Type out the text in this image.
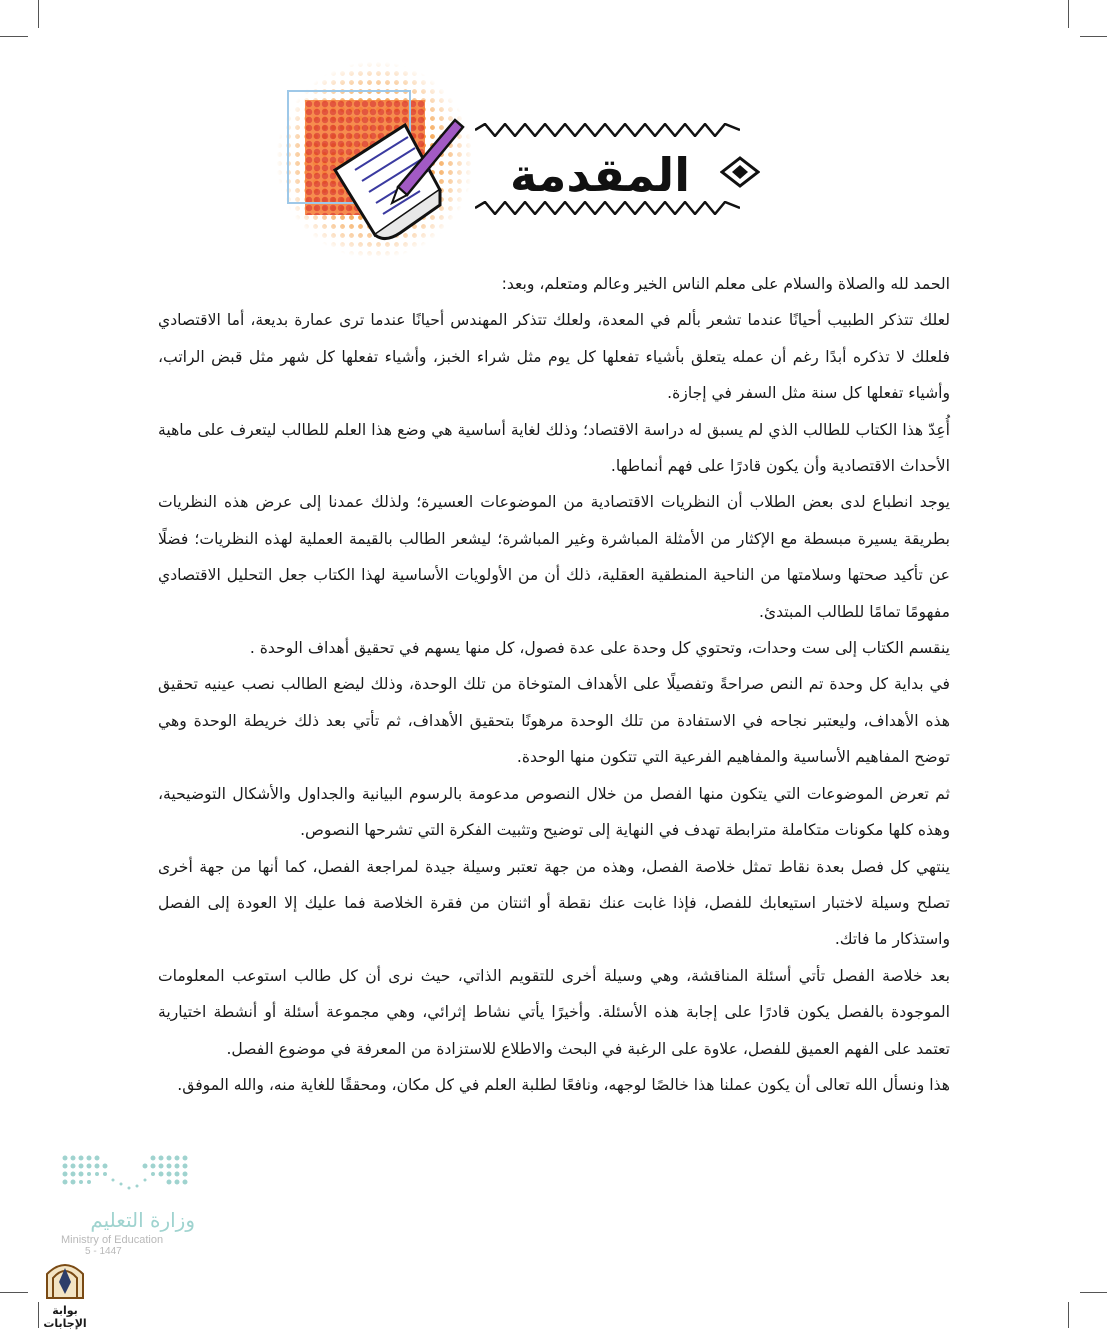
المقدمة

الحمد لله والصلاة والسلام على معلم الناس الخير وعالم ومتعلم، وبعد:

لعلك تتذكر الطبيب أحيانًا عندما تشعر بألم في المعدة، ولعلك تتذكر المهندس أحيانًا عندما ترى عمارة بديعة، أما الاقتصادي فلعلك لا تذكره أبدًا رغم أن عمله يتعلق بأشياء تفعلها كل يوم مثل شراء الخبز، وأشياء تفعلها كل شهر مثل قبض الراتب، وأشياء تفعلها كل سنة مثل السفر في إجازة.

أُعِدّ هذا الكتاب للطالب الذي لم يسبق له دراسة الاقتصاد؛ وذلك لغاية أساسية هي وضع هذا العلم للطالب ليتعرف على ماهية الأحداث الاقتصادية وأن يكون قادرًا على فهم أنماطها.

يوجد انطباع لدى بعض الطلاب أن النظريات الاقتصادية من الموضوعات العسيرة؛ ولذلك عمدنا إلى عرض هذه النظريات بطريقة يسيرة مبسطة مع الإكثار من الأمثلة المباشرة وغير المباشرة؛ ليشعر الطالب بالقيمة العملية لهذه النظريات؛ فضلًا عن تأكيد صحتها وسلامتها من الناحية المنطقية العقلية، ذلك أن من الأولويات الأساسية لهذا الكتاب جعل التحليل الاقتصادي مفهومًا تمامًا للطالب المبتدئ.

ينقسم الكتاب إلى ست وحدات، وتحتوي كل وحدة على عدة فصول، كل منها يسهم في تحقيق أهداف الوحدة .

في بداية كل وحدة تم النص صراحةً وتفصيلًا على الأهداف المتوخاة من تلك الوحدة، وذلك ليضع الطالب نصب عينيه تحقيق هذه الأهداف، وليعتبر نجاحه في الاستفادة من تلك الوحدة مرهونًا بتحقيق الأهداف، ثم تأتي بعد ذلك خريطة الوحدة وهي توضح المفاهيم الأساسية والمفاهيم الفرعية التي تتكون منها الوحدة.

ثم تعرض الموضوعات التي يتكون منها الفصل من خلال النصوص مدعومة بالرسوم البيانية والجداول والأشكال التوضيحية، وهذه كلها مكونات متكاملة مترابطة تهدف في النهاية إلى توضيح وتثبيت الفكرة التي تشرحها النصوص.

ينتهي كل فصل بعدة نقاط تمثل خلاصة الفصل، وهذه من جهة تعتبر وسيلة جيدة لمراجعة الفصل، كما أنها من جهة أخرى تصلح وسيلة لاختبار استيعابك للفصل، فإذا غابت عنك نقطة أو اثنتان من فقرة الخلاصة فما عليك إلا العودة إلى الفصل واستذكار ما فاتك.

بعد خلاصة الفصل تأتي أسئلة المناقشة، وهي وسيلة أخرى للتقويم الذاتي، حيث نرى أن كل طالب استوعب المعلومات الموجودة بالفصل يكون قادرًا على إجابة هذه الأسئلة. وأخيرًا يأتي نشاط إثرائي، وهي مجموعة أسئلة أو أنشطة اختيارية تعتمد على الفهم العميق للفصل، علاوة على الرغبة في البحث والاطلاع للاستزادة من المعرفة في موضوع الفصل.

هذا ونسأل الله تعالى أن يكون عملنا هذا خالصًا لوجهه، ونافعًا لطلبة العلم في كل مكان، ومحققًا للغاية منه، والله الموفق.

وزارة التعليم
Ministry of Education
5 - 1447
بوابة الإجابات
